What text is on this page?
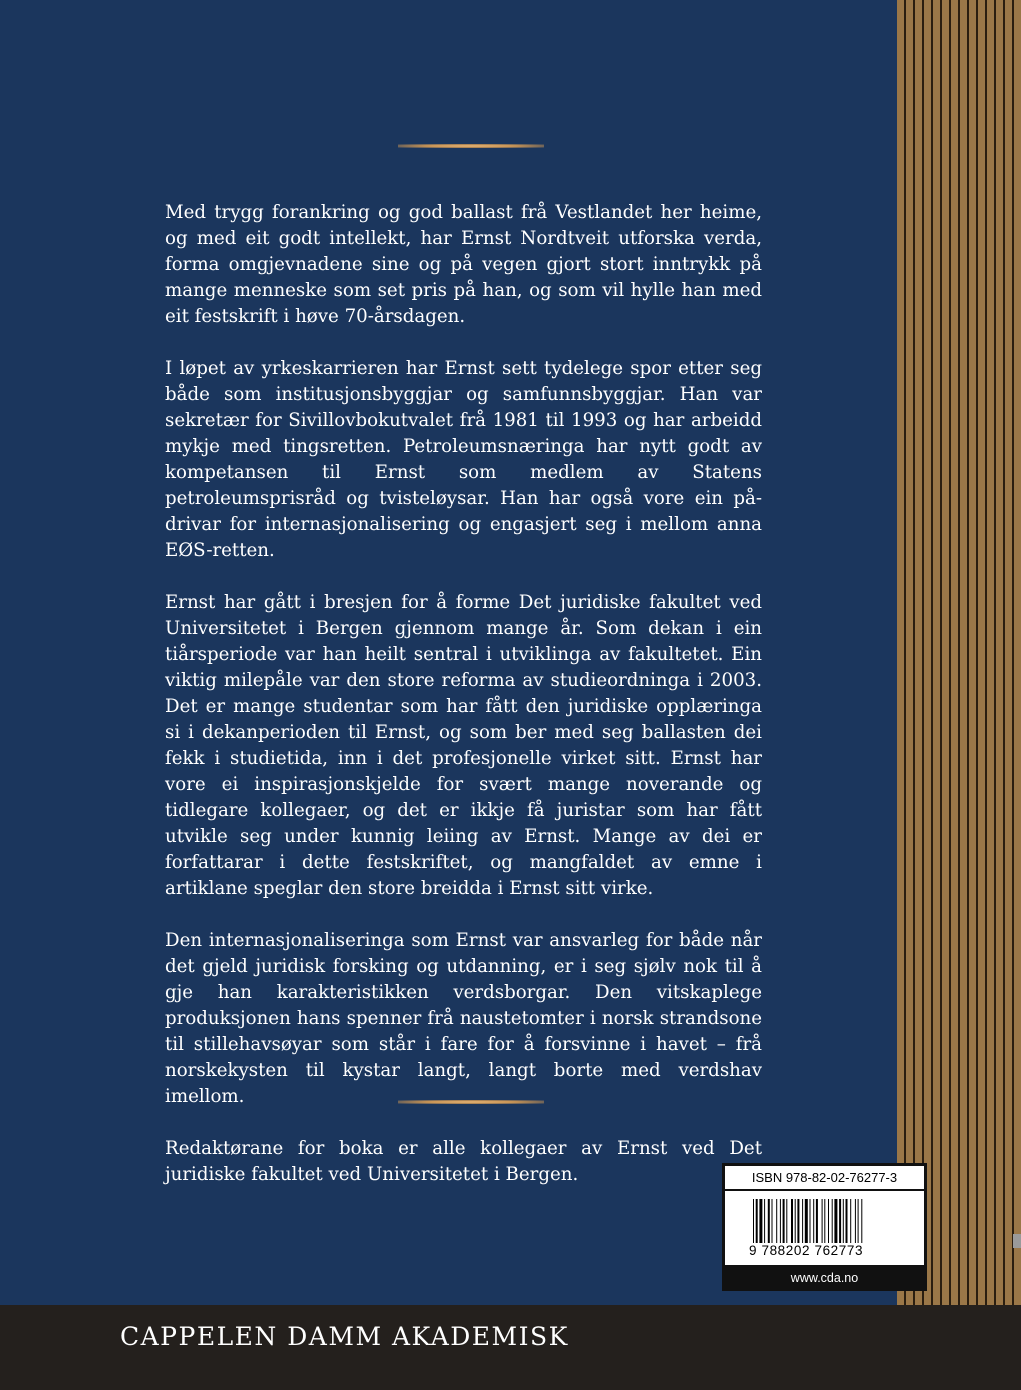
Med trygg forankring og god ballast frå Vestlandet her heime, og med eit godt intellekt, har Ernst Nordtveit utforska verda, forma omgjevnadene sine og på vegen gjort stort inntrykk på mange menneske som set pris på han, og som vil hylle han med eit festskrift i høve 70-årsdagen.

I løpet av yrkeskarrieren har Ernst sett tydelege spor etter seg både som institusjonsbyggjar og samfunnsbyggjar. Han var sekretær for Sivillovbokutvalet frå 1981 til 1993 og har arbeidd mykje med tingsretten. Petroleumsnæringa har nytt godt av kompetansen til Ernst som medlem av Statens petroleumsprisråd og tvisteløysar. Han har også vore ein pådrivar for internasjonalisering og engasjert seg i mellom anna EØS-retten.

Ernst har gått i bresjen for å forme Det juridiske fakultet ved Universitetet i Bergen gjennom mange år. Som dekan i ein tiårsperiode var han heilt sentral i utviklinga av fakultetet. Ein viktig milepåle var den store reforma av studieordninga i 2003. Det er mange studentar som har fått den juridiske opplæringa si i dekanperioden til Ernst, og som ber med seg ballasten dei fekk i studietida, inn i det profesjonelle virket sitt. Ernst har vore ei inspirasjonskjelde for svært mange noverande og tidlegare kollegaer, og det er ikkje få juristar som har fått utvikle seg under kunnig leiing av Ernst. Mange av dei er forfattarar i dette festskriftet, og mangfaldet av emne i artiklane speglar den store breidda i Ernst sitt virke.

Den internasjonaliseringa som Ernst var ansvarleg for både når det gjeld juridisk forsking og utdanning, er i seg sjølv nok til å gje han karakteristikken verdsborgar. Den vitskaplege produksjonen hans spenner frå naustetomter i norsk strandsone til stillehavsøyar som står i fare for å forsvinne i havet – frå norskekysten til kystar langt, langt borte med verdshav imellom.

Redaktørane for boka er alle kollegaer av Ernst ved Det juridiske fakultet ved Universitetet i Bergen.	ISBN 978-82-02-76277-3
9 788202 762773
www.cda.no
CAPPELEN DAMM AKADEMISK
